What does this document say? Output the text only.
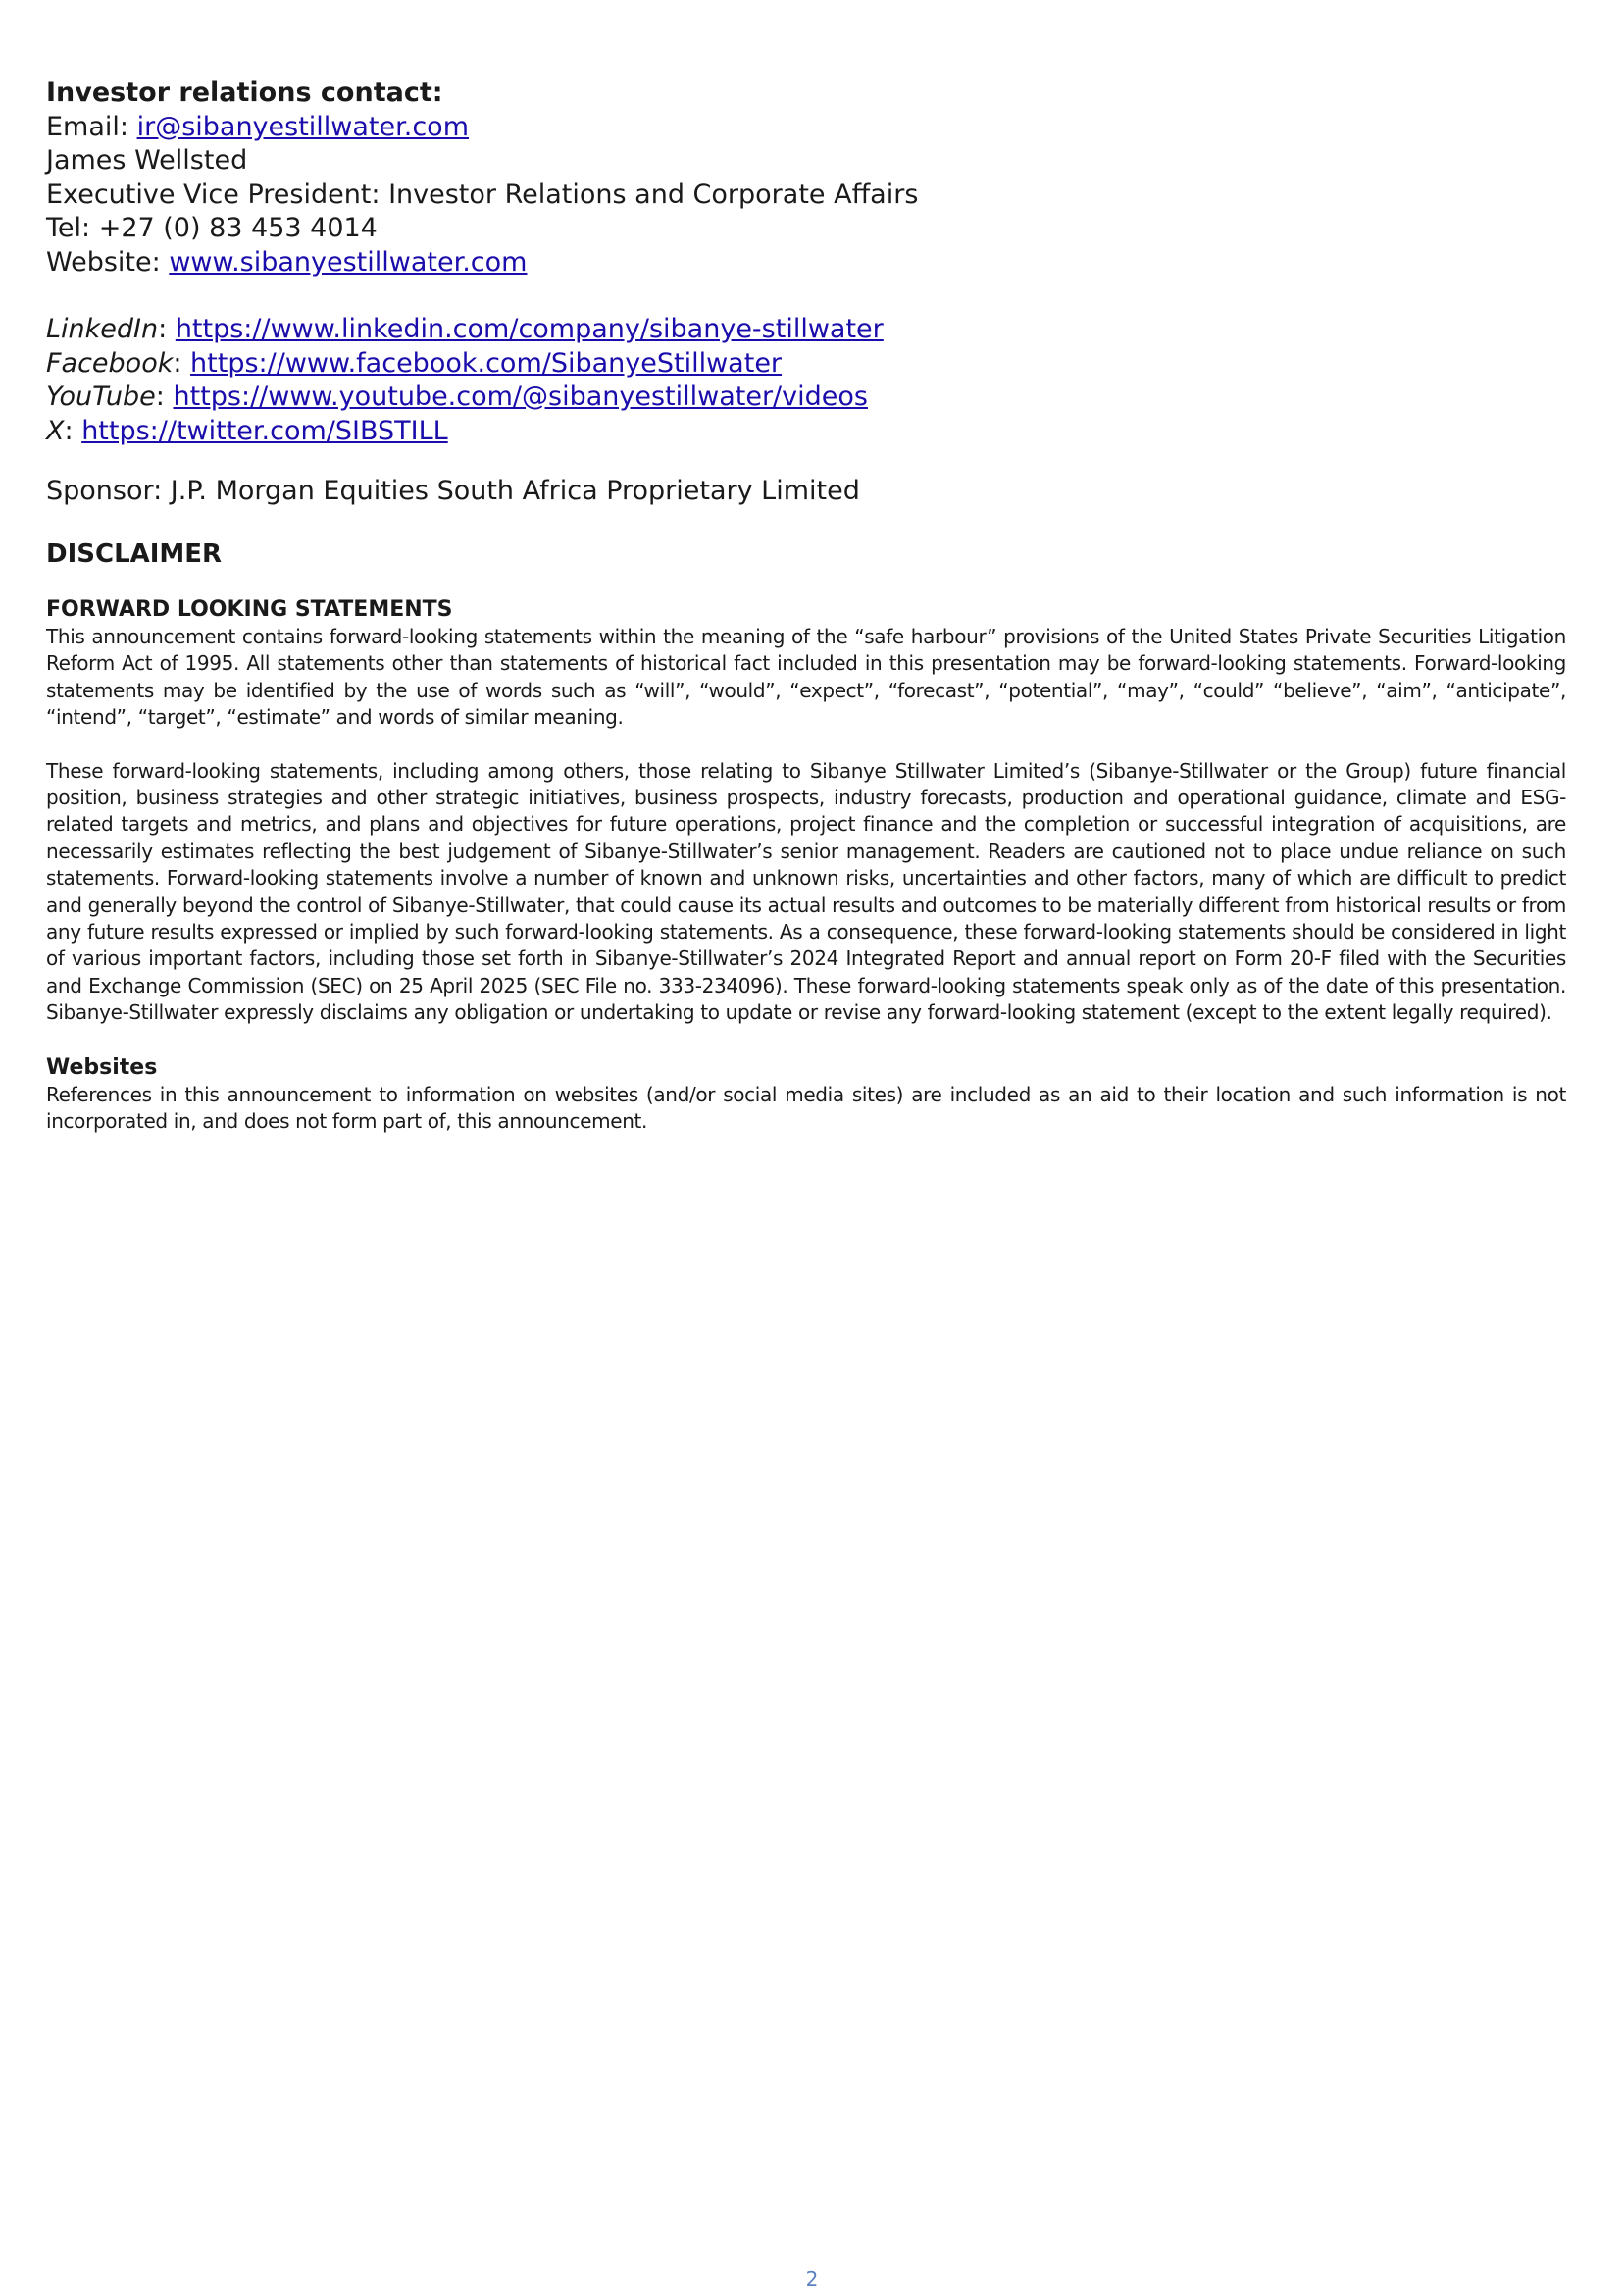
Investor relations contact:
Email: ir@sibanyestillwater.com
James Wellsted
Executive Vice President: Investor Relations and Corporate Affairs
Tel: +27 (0) 83 453 4014
Website: www.sibanyestillwater.com
LinkedIn: https://www.linkedin.com/company/sibanye-stillwater
Facebook: https://www.facebook.com/SibanyeStillwater
YouTube: https://www.youtube.com/@sibanyestillwater/videos
X: https://twitter.com/SIBSTILL
Sponsor: J.P. Morgan Equities South Africa Proprietary Limited
DISCLAIMER
FORWARD LOOKING STATEMENTS
This announcement contains forward-looking statements within the meaning of the “safe harbour” provisions of the United States Private Securities Litigation Reform Act of 1995. All statements other than statements of historical fact included in this presentation may be forward-looking statements. Forward-looking statements may be identified by the use of words such as “will”, “would”, “expect”, “forecast”, “potential”, “may”, “could” “believe”, “aim”, “anticipate”, “intend”, “target”, “estimate” and words of similar meaning.
These forward-looking statements, including among others, those relating to Sibanye Stillwater Limited’s (Sibanye-Stillwater or the Group) future financial position, business strategies and other strategic initiatives, business prospects, industry forecasts, production and operational guidance, climate and ESG-related targets and metrics, and plans and objectives for future operations, project finance and the completion or successful integration of acquisitions, are necessarily estimates reflecting the best judgement of Sibanye-Stillwater’s senior management. Readers are cautioned not to place undue reliance on such statements. Forward-looking statements involve a number of known and unknown risks, uncertainties and other factors, many of which are difficult to predict and generally beyond the control of Sibanye-Stillwater, that could cause its actual results and outcomes to be materially different from historical results or from any future results expressed or implied by such forward-looking statements. As a consequence, these forward-looking statements should be considered in light of various important factors, including those set forth in Sibanye-Stillwater’s 2024 Integrated Report and annual report on Form 20-F filed with the Securities and Exchange Commission (SEC) on 25 April 2025 (SEC File no. 333-234096). These forward-looking statements speak only as of the date of this presentation. Sibanye-Stillwater expressly disclaims any obligation or undertaking to update or revise any forward-looking statement (except to the extent legally required).
Websites
References in this announcement to information on websites (and/or social media sites) are included as an aid to their location and such information is not incorporated in, and does not form part of, this announcement.
2
